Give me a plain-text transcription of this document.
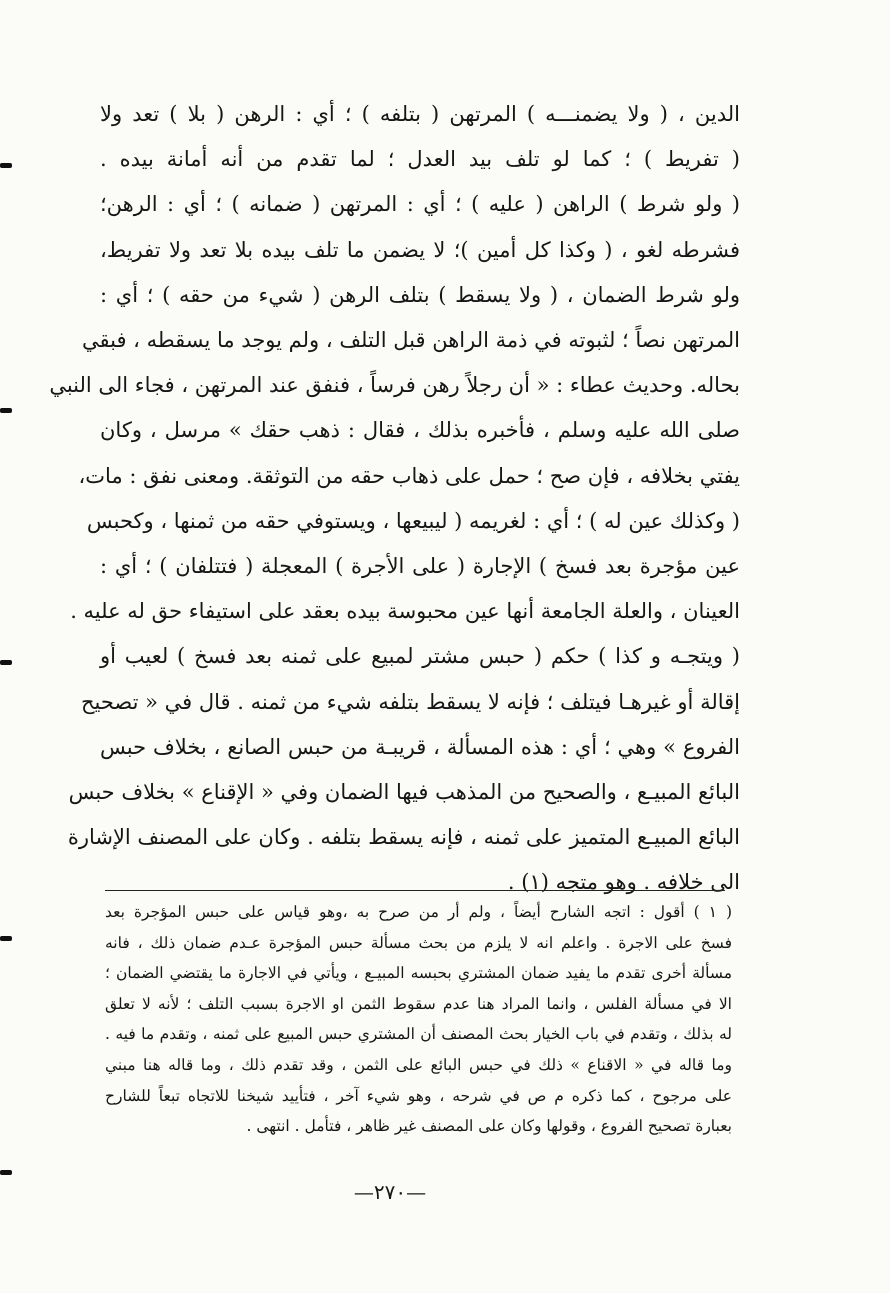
الدين ، ( ولا يضمنـــه ) المرتهن ( بتلفه ) ؛ أي : الرهن ( بلا ) تعد ولا
( تفريط ) ؛ كما لو تلف بيد العدل ؛ لما تقدم من أنه أمانة بيده .
( ولو شرط ) الراهن ( عليه ) ؛ أي : المرتهن ( ضمانه ) ؛ أي : الرهن؛
فشرطه لغو ، ( وكذا كل أمين )؛ لا يضمن ما تلف بيده بلا تعد ولا تفريط،
ولو شرط الضمان ، ( ولا يسقط ) بتلف الرهن ( شيء من حقه ) ؛ أي :
المرتهن نصاً ؛ لثبوته في ذمة الراهن قبل التلف ، ولم يوجد ما يسقطه ، فبقي
بحاله. وحديث عطاء : « أن رجلاً رهن فرساً ، فنفق عند المرتهن ، فجاء الى النبي
صلى الله عليه وسلم ، فأخبره بذلك ، فقال : ذهب حقك » مرسل ، وكان
يفتي بخلافه ، فإن صح ؛ حمل على ذهاب حقه من التوثقة. ومعنى نفق : مات،
( وكذلك عين له ) ؛ أي : لغريمه ( ليبيعها ، ويستوفي حقه من ثمنها ، وكحبس
عين مؤجرة بعد فسخ ) الإجارة ( على الأجرة ) المعجلة ( فتتلفان ) ؛ أي :
العينان ، والعلة الجامعة أنها عين محبوسة بيده بعقد على استيفاء حق له عليه .
( ويتجـه و كذا ) حكم ( حبس مشتر لمبيع على ثمنه بعد فسخ ) لعيب أو
إقالة أو غيرهـا فيتلف ؛ فإنه لا يسقط بتلفه شيء من ثمنه . قال في « تصحيح
الفروع » وهي ؛ أي : هذه المسألة ، قريبـة من حبس الصانع ، بخلاف حبس
البائع المبيـع ، والصحيح من المذهب فيها الضمان وفي « الإقناع » بخلاف حبس
البائع المبيـع المتميز على ثمنه ، فإنه يسقط بتلفه . وكان على المصنف الإشارة
الى خلافه . وهو متجه (١) .
( ١ ) أقول : اتجه الشارح أيضاً ، ولم أر من صرح به ،وهو قياس على حبس المؤجرة بعد
فسخ على الاجرة . واعلم انه لا يلزم من بحث مسألة حبس المؤجرة عـدم ضمان ذلك ، فانه
مسألة أخرى تقدم ما يفيد ضمان المشتري بحبسه المبيـع ، ويأتي في الاجارة ما يقتضي الضمان ؛
الا في مسألة الفلس ، وانما المراد هنا عدم سقوط الثمن او الاجرة بسبب التلف ؛ لأنه لا تعلق
له بذلك ، وتقدم في باب الخيار بحث المصنف أن المشتري حبس المبيع على ثمنه ، وتقدم ما فيه .
وما قاله في « الاقناع » ذلك في حبس البائع على الثمن ، وقد تقدم ذلك ، وما قاله هنا مبني
على مرجوح ، كما ذكره م ص في شرحه ، وهو شيء آخر ، فتأييد شيخنا للاتجاه تبعاً للشارح
بعبارة تصحيح الفروع ، وقولها وكان على المصنف غير ظاهر ، فتأمل . انتهى .
—٢٧٠—
